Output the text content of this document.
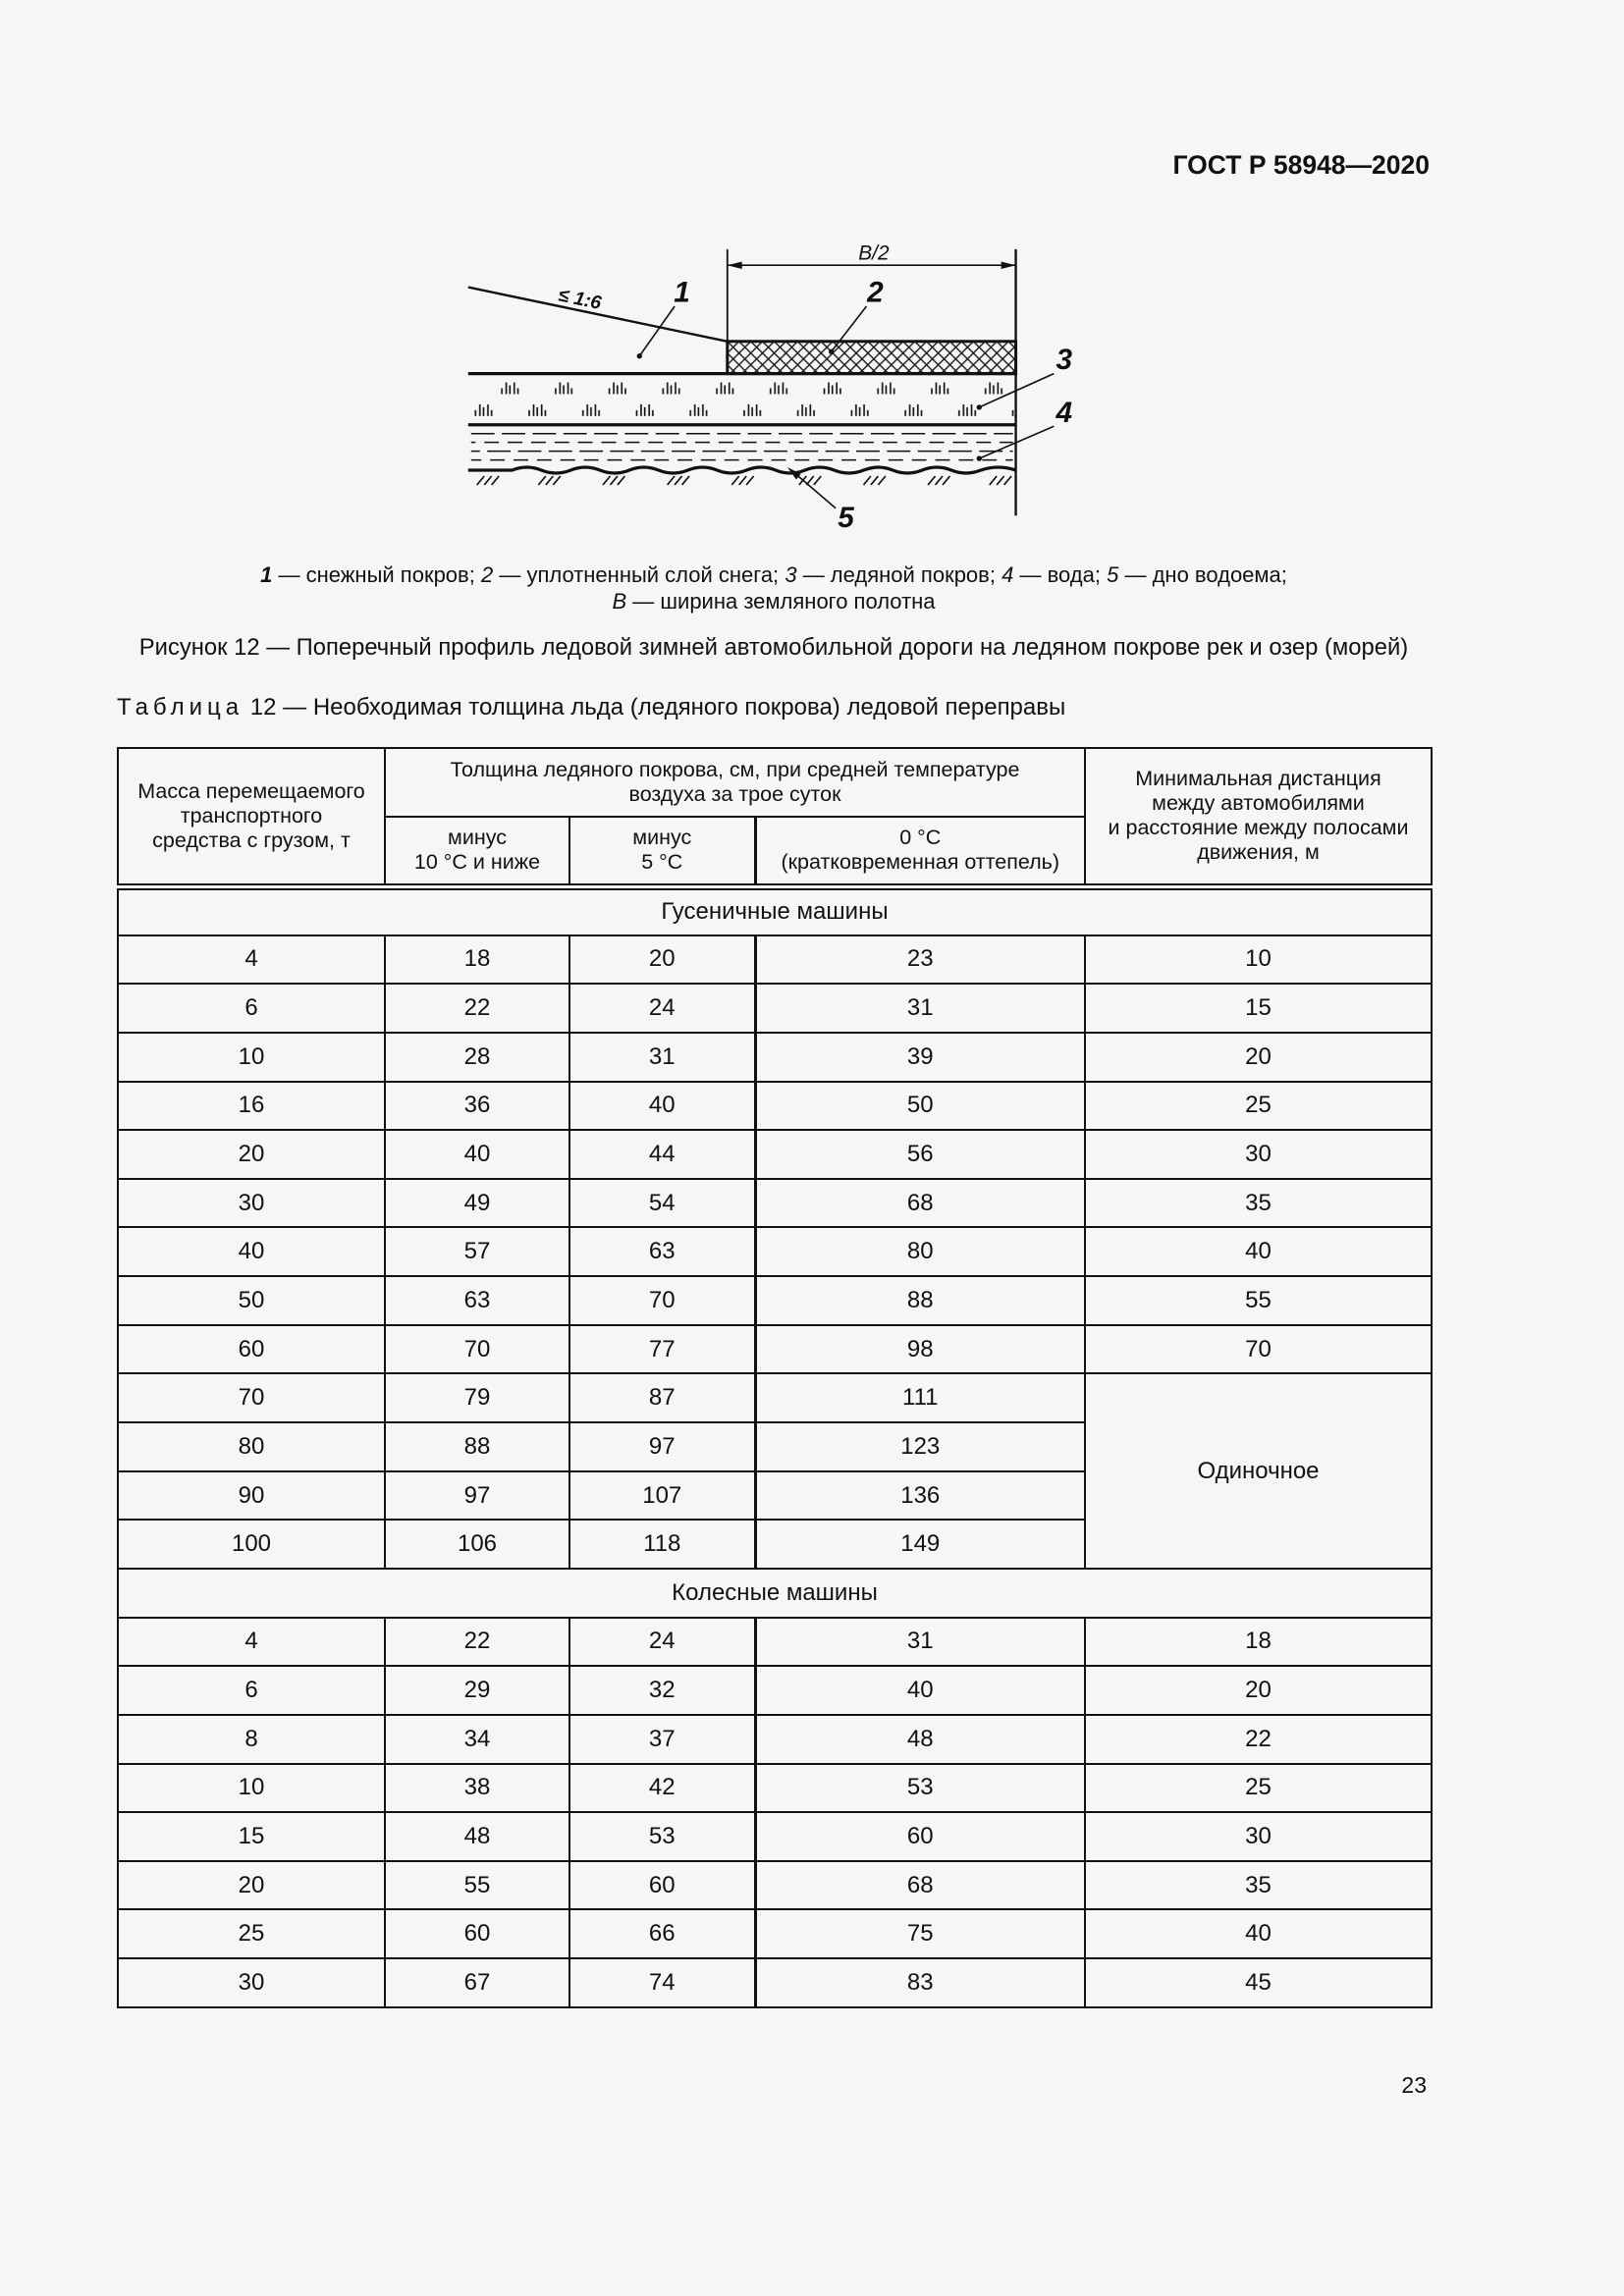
ГОСТ Р 58948—2020
В/2
≤ 1:6	1	2
3
4
5
1 — снежный покров; 2 — уплотненный слой снега; 3 — ледяной покров; 4 — вода; 5 — дно водоема;
В — ширина земляного полотна
Рисунок 12 — Поперечный профиль ледовой зимней автомобильной дороги на ледяном покрове рек и озер (морей)
Таблица 12 — Необходимая толщина льда (ледяного покрова) ледовой переправы
Масса перемещаемого
транспортного
средства с грузом, т	Толщина ледяного покрова, см, при средней температуре
воздуха за трое суток			Минимальная дистанция
между автомобилями
и расстояние между полосами
движения, м
	минус
10 °С и ниже	минус
5 °С	0 °С
(кратковременная оттепель)	
Гусеничные машины				
4	18	20	23	10
6	22	24	31	15
10	28	31	39	20
16	36	40	50	25
20	40	44	56	30
30	49	54	68	35
40	57	63	80	40
50	63	70	88	55
60	70	77	98	70
70	79	87	111	Одиночное
80	88	97	123	
90	97	107	136	
100	106	118	149	
Колесные машины				
4	22	24	31	18
6	29	32	40	20
8	34	37	48	22
10	38	42	53	25
15	48	53	60	30
20	55	60	68	35
25	60	66	75	40
30	67	74	83	45
23
